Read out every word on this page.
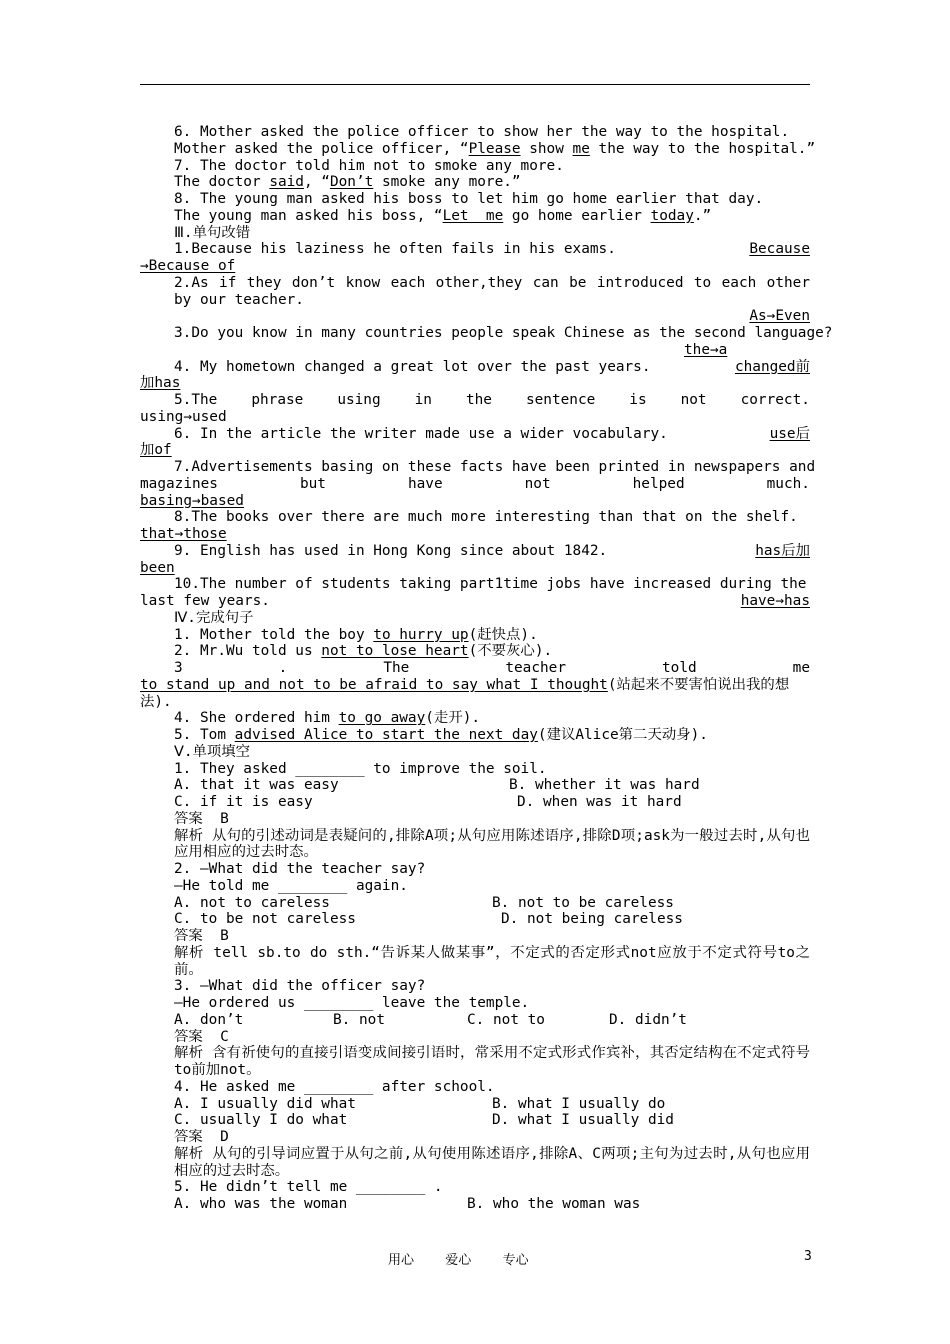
6. Mother asked the police officer to show her the way to the hospital.
Mother asked the police officer, “Please show me the way to the hospital.”
7. The doctor told him not to smoke any more.
The doctor said, “Don’t smoke any more.”
8. The young man asked his boss to let him go home earlier that day.
The young man asked his boss, “Let  me go home earlier today.”
Ⅲ.单句改错
1.Because his laziness he often fails in his exams.	Because
→Because of
2.As if they don’t know each other,they can be introduced to each other by our teacher.
As→Even
3.Do you know in many countries people speak Chinese as the second language?
the→a
4. My hometown changed a great lot over the past years.	changed前
加has
5.The phrase using in the sentence is not correct.
using→used
6. In the article the writer made use a wider vocabulary.	use后
加of
7.Advertisements basing on these facts have been printed in newspapers and
magazines	but	have	not	helped	much.
basing→based
8.The books over there are much more interesting than that on the shelf.
that→those
9. English has used in Hong Kong since about 1842.	has后加
been
10.The number of students taking part1time jobs have increased during the
last few years.	have→has
Ⅳ.完成句子
1. Mother told the boy to hurry up(赶快点).
2. Mr.Wu told us not to lose heart(不要灰心).
3	.	The	teacher	told	me
to stand up and not to be afraid to say what I thought(站起来不要害怕说出我的想
法).
4. She ordered him to go away(走开).
5. Tom advised Alice to start the next day(建议Alice第二天动身).
Ⅴ.单项填空
1. They asked ________ to improve the soil.
A. that it was easy	B. whether it was hard
C. if it is easy	D. when was it hard
答案  B
解析 从句的引述动词是表疑问的,排除A项;从句应用陈述语序,排除D项;ask为一般过去时,从句也应用相应的过去时态。
2. —What did the teacher say?
—He told me ________ again.
A. not to careless	B. not to be careless
C. to be not careless	D. not being careless
答案  B
解析 tell sb.to do sth.“告诉某人做某事”，不定式的否定形式not应放于不定式符号to之前。
3. —What did the officer say?
—He ordered us ________ leave the temple.
A. don’t	B. not	C. not to	D. didn’t
答案  C
解析 含有祈使句的直接引语变成间接引语时，常采用不定式形式作宾补，其否定结构在不定式符号to前加not。
4. He asked me ________ after school.
A. I usually did what	B. what I usually do
C. usually I do what	D. what I usually did
答案  D
解析 从句的引导词应置于从句之前,从句使用陈述语序,排除A、C两项;主句为过去时,从句也应用相应的过去时态。
5. He didn’t tell me ________ .
A. who was the woman	B. who the woman was
用心    爱心    专心	3
